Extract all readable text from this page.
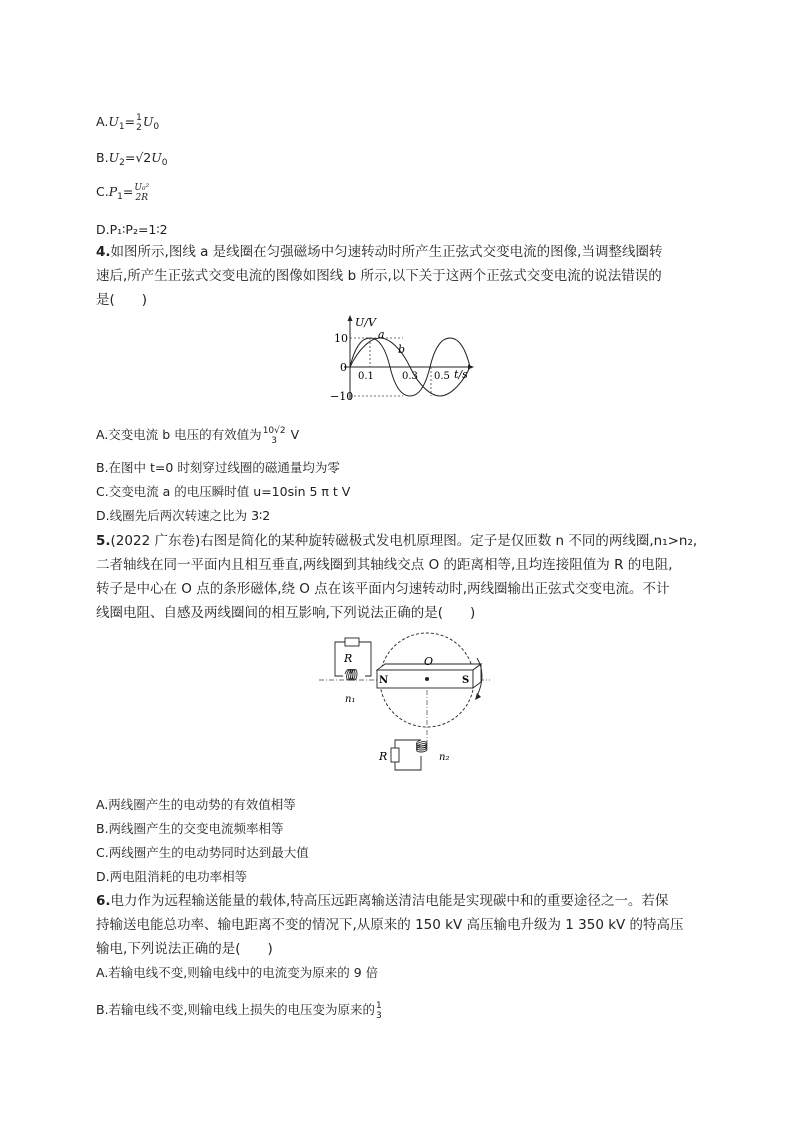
$A.U_1= 1$
2 $U_0$
$B.U_2=√2U_0$
$C.P_1= U_0^2$
2R
D.P₁∶P₂=1∶2
4.如图所示,图线 a 是线圈在匀强磁场中匀速转动时所产生正弦式交变电流的图像,当调整线圈转
速后,所产生正弦式交变电流的图像如图线 b 所示,以下关于这两个正弦式交变电流的说法错误的
是(　　)
U/V
10
0
−10
0.1	0.3 0.5 t/s
a
b
A.交变电流 b 电压的有效值为 10√2
3 V
B.在图中 t=0 时刻穿过线圈的磁通量均为零
C.交变电流 a 的电压瞬时值 u=10sin 5 π t V
D.线圈先后两次转速之比为 3∶2
5.(2022 广东卷)右图是简化的某种旋转磁极式发电机原理图。定子是仅匝数 n 不同的两线圈,n₁>n₂,
二者轴线在同一平面内且相互垂直,两线圈到其轴线交点 O 的距离相等,且均连接阻值为 R 的电阻,
转子是中心在 O 点的条形磁体,绕 O 点在该平面内匀速转动时,两线圈输出正弦式交变电流。不计
线圈电阻、自感及两线圈间的相互影响,下列说法正确的是(　　)
N	S
O
R
n₁
R	n₂
A.两线圈产生的电动势的有效值相等
B.两线圈产生的交变电流频率相等
C.两线圈产生的电动势同时达到最大值
D.两电阻消耗的电功率相等
6.电力作为远程输送能量的载体,特高压远距离输送清洁电能是实现碳中和的重要途径之一。若保
持输送电能总功率、输电距离不变的情况下,从原来的 150 kV 高压输电升级为 1 350 kV 的特高压
输电,下列说法正确的是(　　)
A.若输电线不变,则输电线中的电流变为原来的 9 倍
B.若输电线不变,则输电线上损失的电压变为原来的 1
3
